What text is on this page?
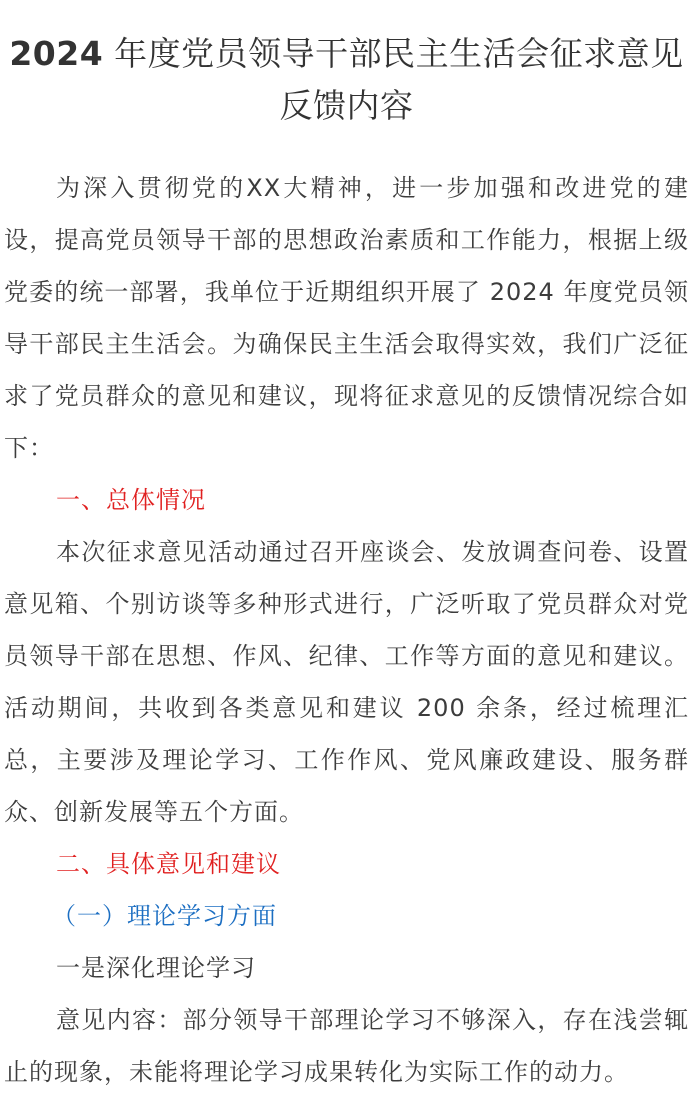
2024 年度党员领导干部民主生活会征求意见反馈内容

为深入贯彻党的XX大精神，进一步加强和改进党的建设，提高党员领导干部的思想政治素质和工作能力，根据上级党委的统一部署，我单位于近期组织开展了 2024 年度党员领导干部民主生活会。为确保民主生活会取得实效，我们广泛征求了党员群众的意见和建议，现将征求意见的反馈情况综合如下：

一、总体情况

本次征求意见活动通过召开座谈会、发放调查问卷、设置意见箱、个别访谈等多种形式进行，广泛听取了党员群众对党员领导干部在思想、作风、纪律、工作等方面的意见和建议。活动期间，共收到各类意见和建议 200 余条，经过梳理汇总，主要涉及理论学习、工作作风、党风廉政建设、服务群众、创新发展等五个方面。

二、具体意见和建议

（一）理论学习方面

一是深化理论学习

意见内容：部分领导干部理论学习不够深入，存在浅尝辄止的现象，未能将理论学习成果转化为实际工作的动力。
